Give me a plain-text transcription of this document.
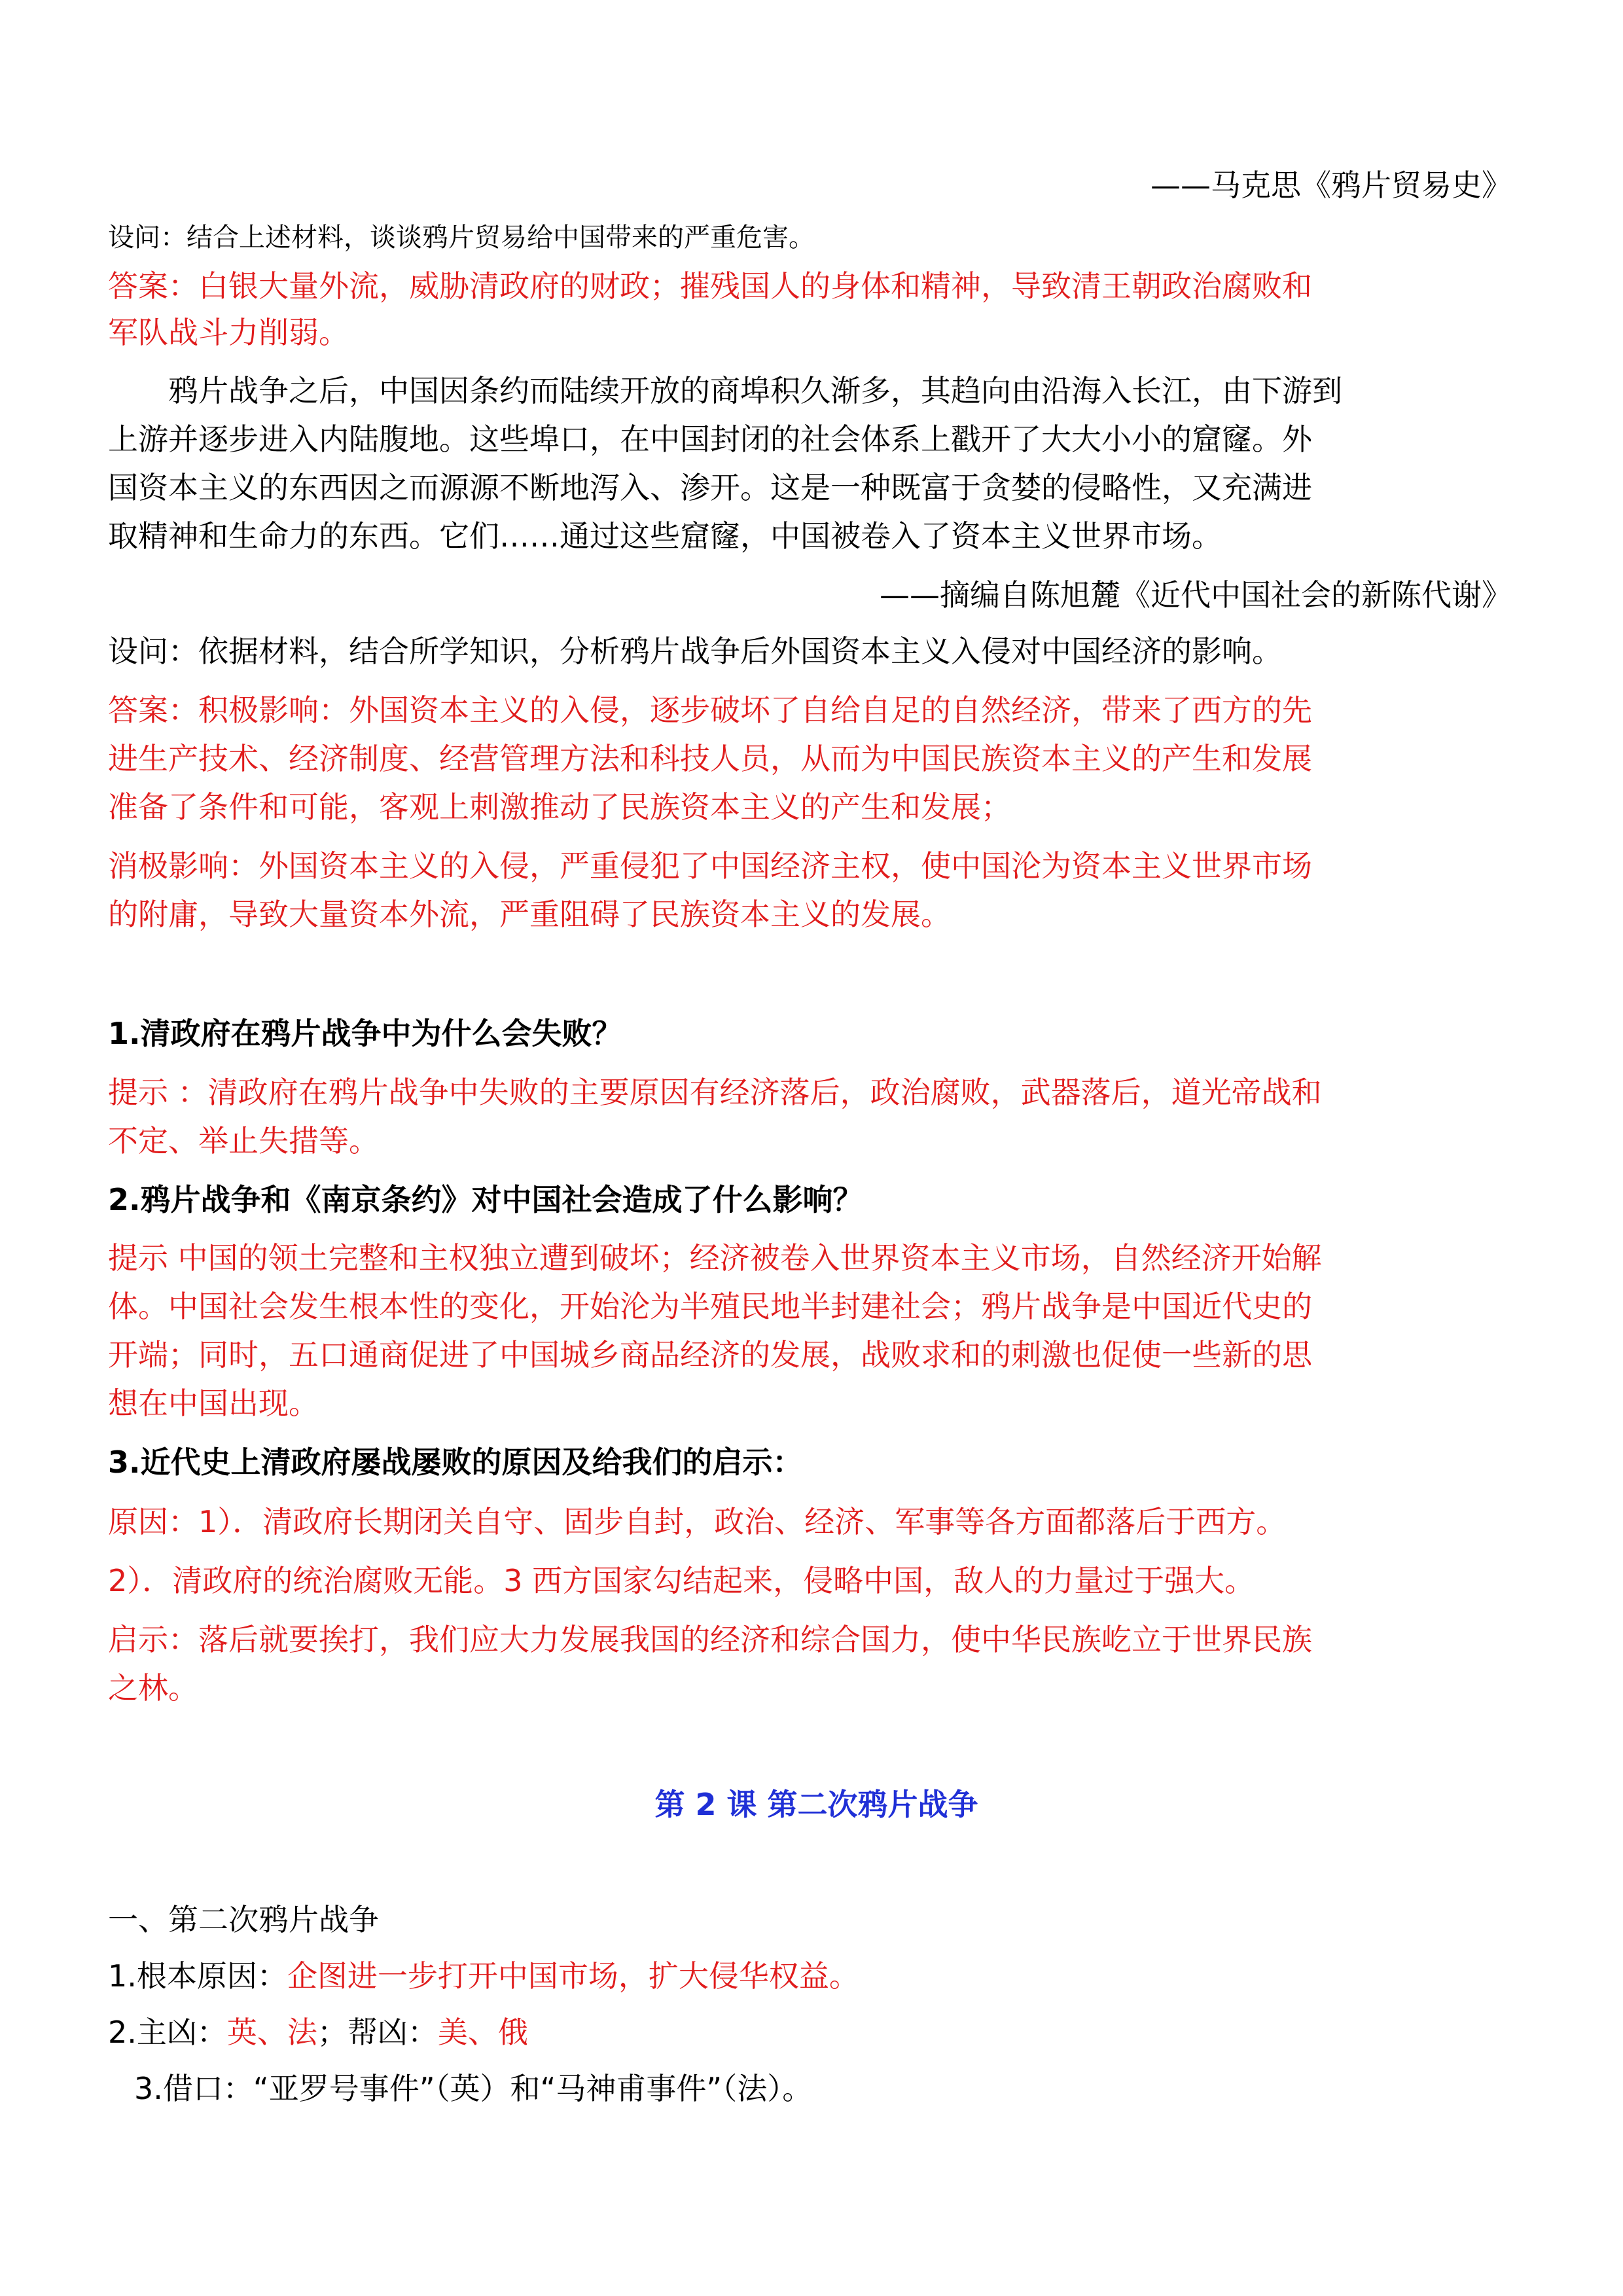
——马克思《鸦片贸易史》
设问：结合上述材料，谈谈鸦片贸易给中国带来的严重危害。
答案：白银大量外流，威胁清政府的财政；摧残国人的身体和精神，导致清王朝政治腐败和
军队战斗力削弱。
　　鸦片战争之后，中国因条约而陆续开放的商埠积久渐多，其趋向由沿海入长江，由下游到
上游并逐步进入内陆腹地。这些埠口，在中国封闭的社会体系上戳开了大大小小的窟窿。外
国资本主义的东西因之而源源不断地泻入、渗开。这是一种既富于贪婪的侵略性，又充满进
取精神和生命力的东西。它们……通过这些窟窿，中国被卷入了资本主义世界市场。
——摘编自陈旭麓《近代中国社会的新陈代谢》
设问：依据材料，结合所学知识，分析鸦片战争后外国资本主义入侵对中国经济的影响。
答案：积极影响：外国资本主义的入侵，逐步破坏了自给自足的自然经济，带来了西方的先
进生产技术、经济制度、经营管理方法和科技人员，从而为中国民族资本主义的产生和发展
准备了条件和可能，客观上刺激推动了民族资本主义的产生和发展；
消极影响：外国资本主义的入侵，严重侵犯了中国经济主权，使中国沦为资本主义世界市场
的附庸，导致大量资本外流，严重阻碍了民族资本主义的发展。
1.清政府在鸦片战争中为什么会失败？
提示 ：清政府在鸦片战争中失败的主要原因有经济落后，政治腐败，武器落后，道光帝战和
不定、举止失措等。
2.鸦片战争和《南京条约》对中国社会造成了什么影响？
提示 中国的领土完整和主权独立遭到破坏；经济被卷入世界资本主义市场，自然经济开始解
体。中国社会发生根本性的变化，开始沦为半殖民地半封建社会；鸦片战争是中国近代史的
开端；同时，五口通商促进了中国城乡商品经济的发展，战败求和的刺激也促使一些新的思
想在中国出现。
3.近代史上清政府屡战屡败的原因及给我们的启示：
原因：1）．清政府长期闭关自守、固步自封，政治、经济、军事等各方面都落后于西方。
2）．清政府的统治腐败无能。3 西方国家勾结起来，侵略中国，敌人的力量过于强大。
启示：落后就要挨打，我们应大力发展我国的经济和综合国力，使中华民族屹立于世界民族
之林。
第 2 课 第二次鸦片战争
一、第二次鸦片战争
1.根本原因：企图进一步打开中国市场，扩大侵华权益。
2.主凶：英、法；帮凶：美、俄
3.借口：“亚罗号事件”（英）和“马神甫事件”（法）。
